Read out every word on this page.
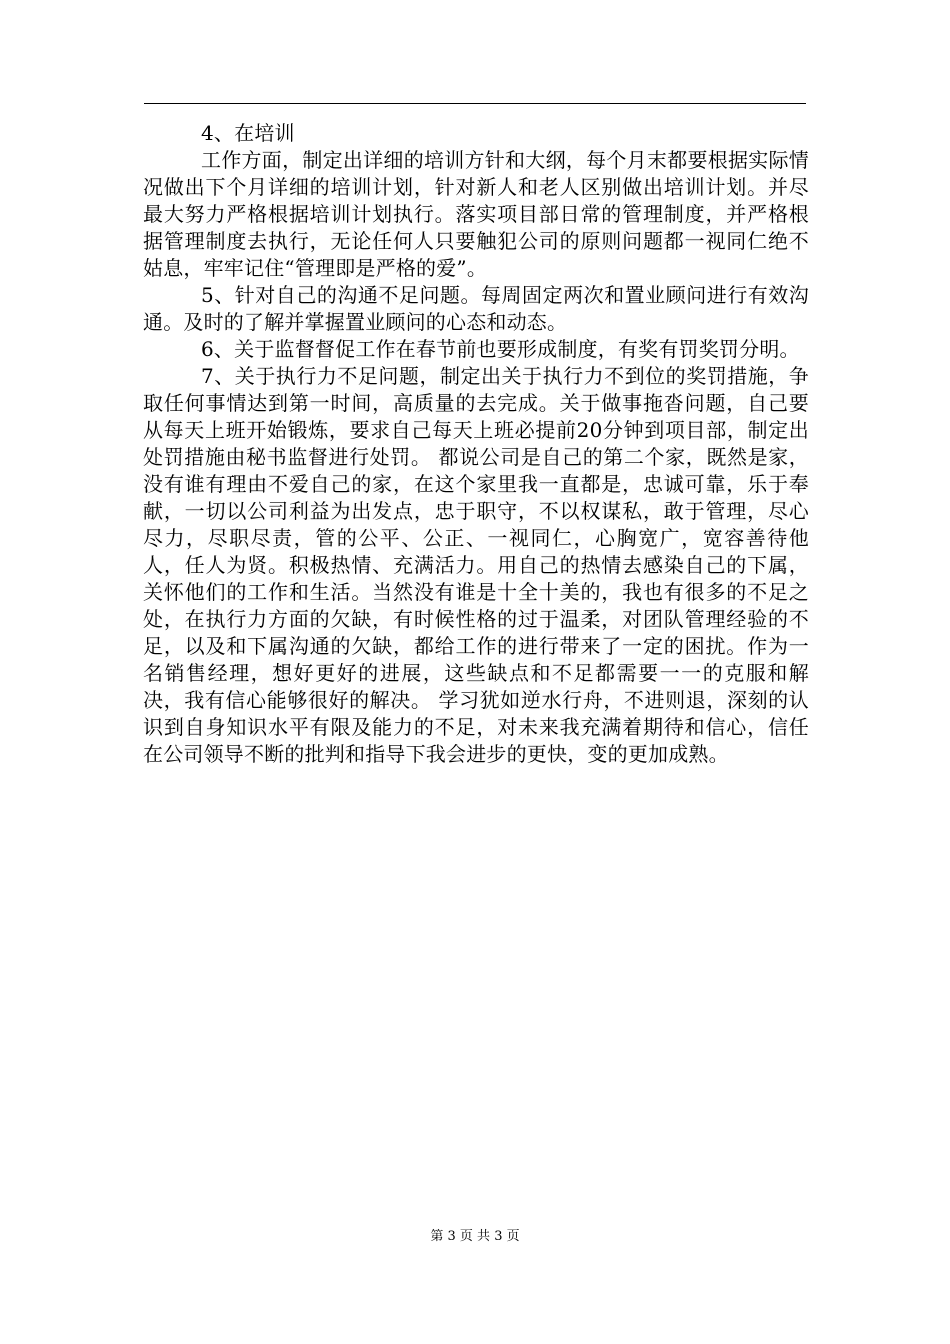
4、在培训

工作方面，制定出详细的培训方针和大纲，每个月末都要根据实际情况做出下个月详细的培训计划，针对新人和老人区别做出培训计划。并尽最大努力严格根据培训计划执行。落实项目部日常的管理制度，并严格根据管理制度去执行，无论任何人只要触犯公司的原则问题都一视同仁绝不姑息，牢牢记住“管理即是严格的爱”。

5、针对自己的沟通不足问题。每周固定两次和置业顾问进行有效沟通。及时的了解并掌握置业顾问的心态和动态。

6、关于监督督促工作在春节前也要形成制度，有奖有罚奖罚分明。

7、关于执行力不足问题，制定出关于执行力不到位的奖罚措施，争取任何事情达到第一时间，高质量的去完成。关于做事拖沓问题，自己要从每天上班开始锻炼，要求自己每天上班必提前20分钟到项目部，制定出处罚措施由秘书监督进行处罚。 都说公司是自己的第二个家，既然是家，没有谁有理由不爱自己的家，在这个家里我一直都是，忠诚可靠，乐于奉献，一切以公司利益为出发点，忠于职守，不以权谋私，敢于管理，尽心尽力，尽职尽责，管的公平、公正、一视同仁，心胸宽广，宽容善待他人，任人为贤。积极热情、充满活力。用自己的热情去感染自己的下属，关怀他们的工作和生活。当然没有谁是十全十美的，我也有很多的不足之处，在执行力方面的欠缺，有时候性格的过于温柔，对团队管理经验的不足，以及和下属沟通的欠缺，都给工作的进行带来了一定的困扰。作为一名销售经理，想好更好的进展，这些缺点和不足都需要一一的克服和解决，我有信心能够很好的解决。 学习犹如逆水行舟，不进则退，深刻的认识到自身知识水平有限及能力的不足，对未来我充满着期待和信心，信任在公司领导不断的批判和指导下我会进步的更快，变的更加成熟。

第 3 页 共 3 页
